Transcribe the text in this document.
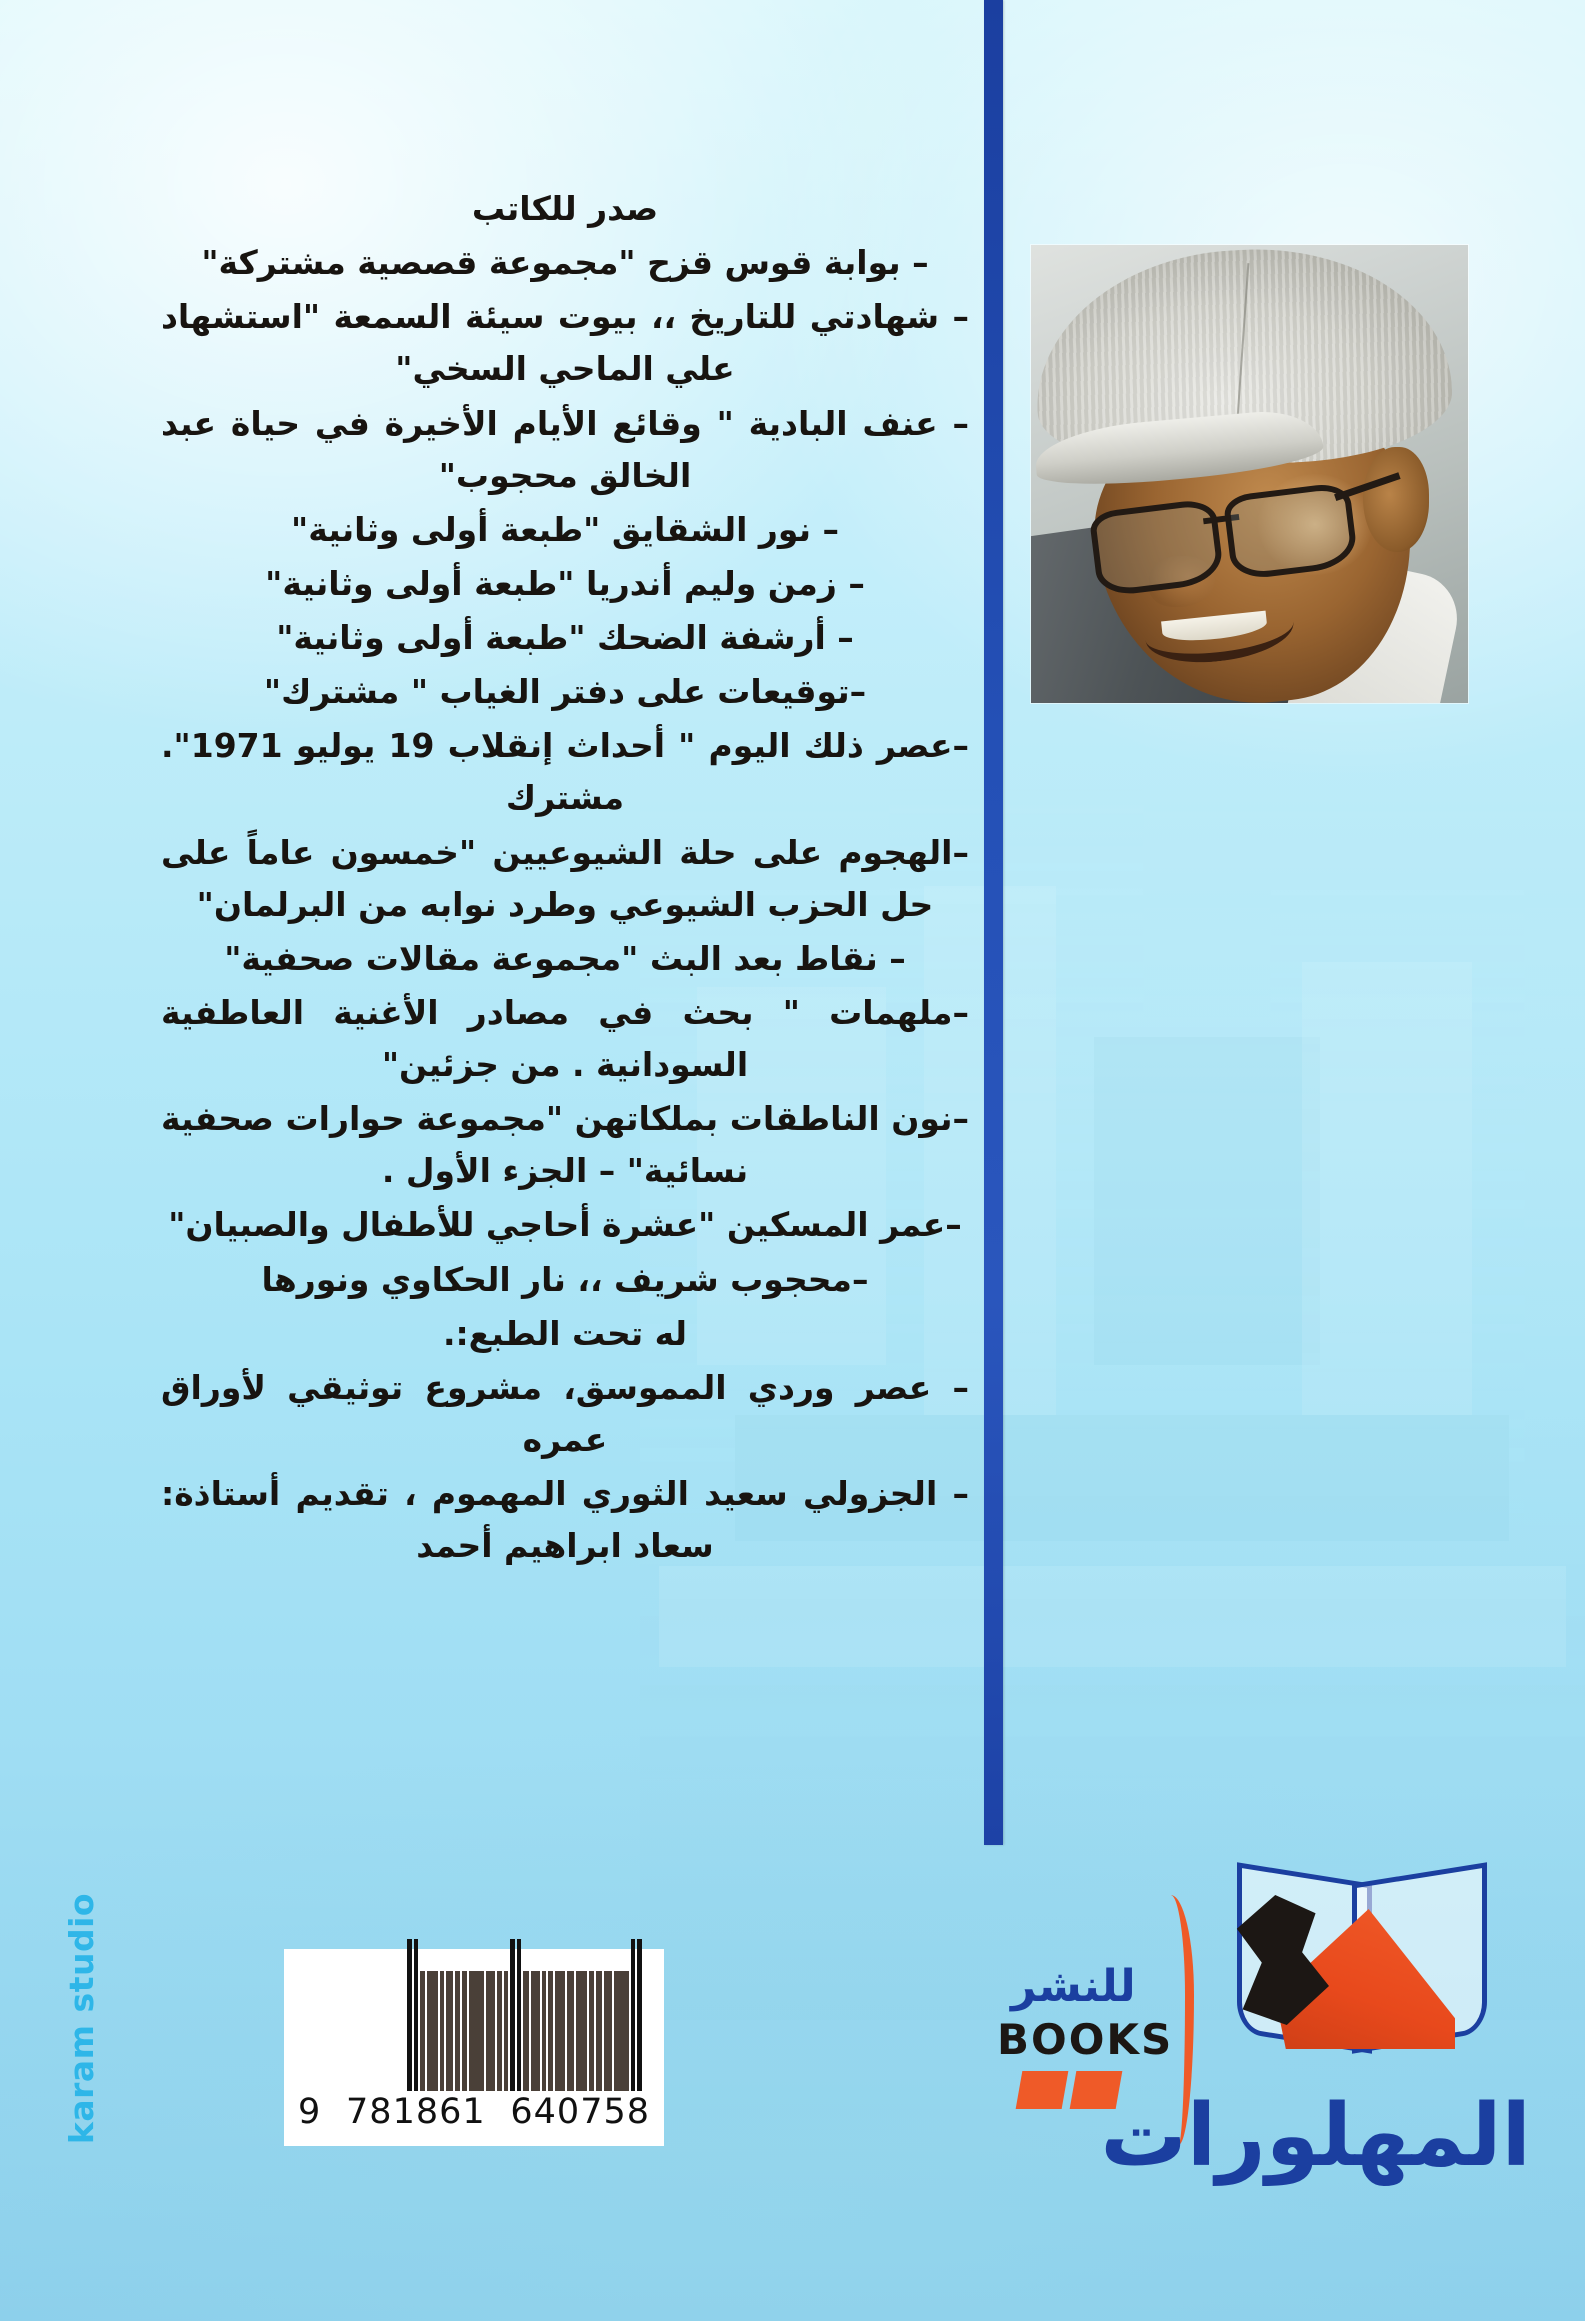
صدر للكاتب

– بوابة قوس قزح "مجموعة قصصية مشتركة"

– شهادتي للتاريخ ،، بيوت سيئة السمعة "استشهاد علي الماحي السخي"

– عنف البادية " وقائع الأيام الأخيرة في حياة عبد الخالق محجوب"

– نور الشقايق "طبعة أولى وثانية"

– زمن وليم أندريا "طبعة أولى وثانية"

– أرشفة الضحك "طبعة أولى وثانية"

–توقيعات على دفتر الغياب " مشترك"

–عصر ذلك اليوم " أحداث إنقلاب 19 يوليو 1971". مشترك

–الهجوم على حلة الشيوعيين "خمسون عاماً على حل الحزب الشيوعي وطرد نوابه من البرلمان"

– نقاط بعد البث "مجموعة مقالات صحفية"

–ملهمات " بحث في مصادر الأغنية العاطفية السودانية . من جزئين"

–نون الناطقات بملكاتهن "مجموعة حوارات صحفية نسائية" – الجزء الأول .

–عمر المسكين "عشرة أحاجي للأطفال والصبيان"

–محجوب شريف ،، نار الحكاوي ونورها

له تحت الطبع:.

– عصر وردي المموسق، مشروع توثيقي لأوراق عمره

– الجزولي سعيد الثوري المهموم ، تقديم أستاذة: سعاد ابراهيم أحمد

karam studio	9 781861 640758
للنشر
BOOKS
المهلورات
